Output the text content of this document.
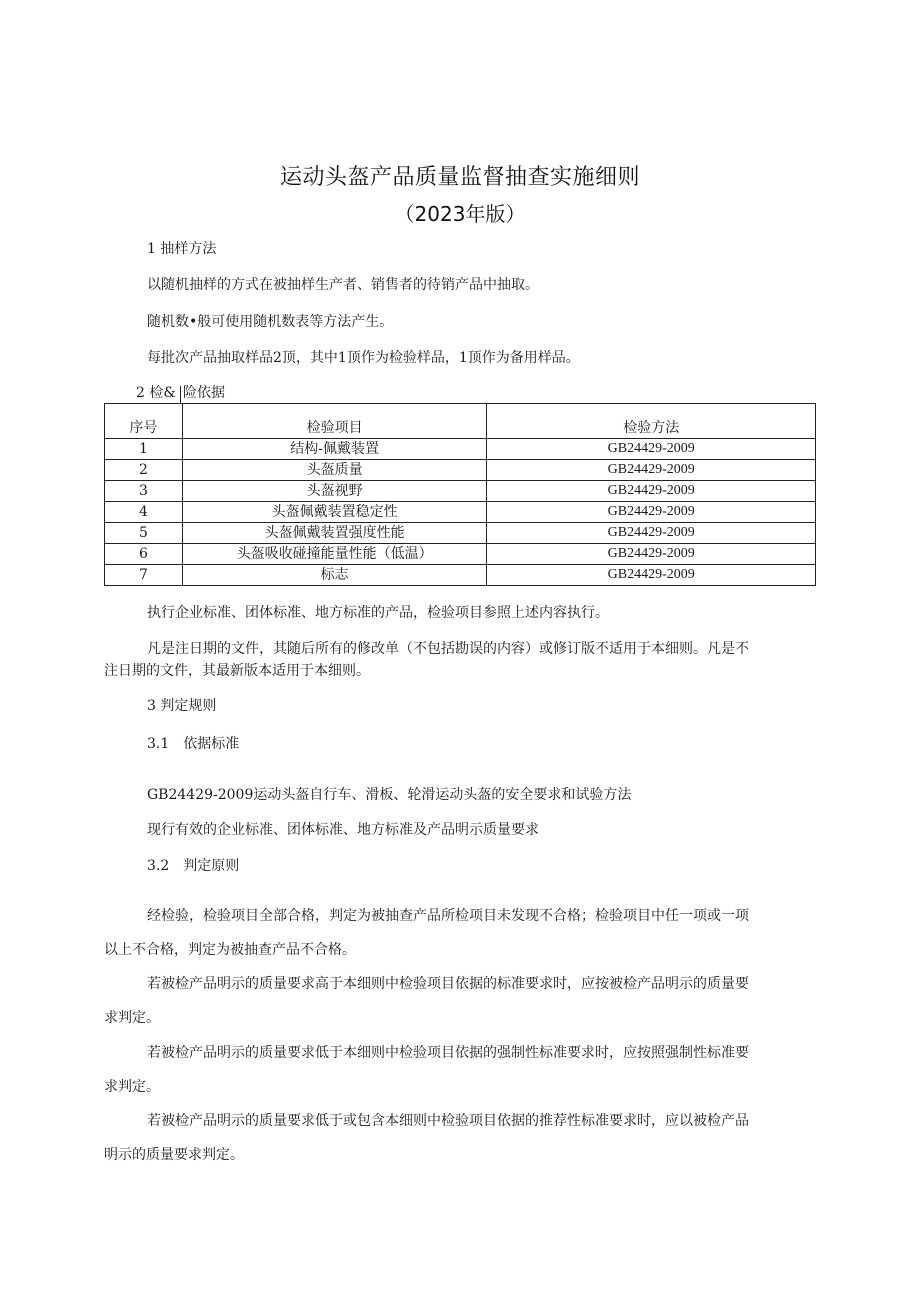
运动头盔产品质量监督抽查实施细则
（2023年版）
1 抽样方法
以随机抽样的方式在被抽样生产者、销售者的待销产品中抽取。
随机数•般可使用随机数表等方法产生。
每批次产品抽取样品2顶，其中1顶作为检验样品，1顶作为备用样品。
2 检& 险依据
序号	检验项目	检验方法
1	结构-佩戴装置	GB24429-2009
2	头盔质量	GB24429-2009
3	头盔视野	GB24429-2009
4	头盔佩戴装置稳定性	GB24429-2009
5	头盔佩戴装置强度性能	GB24429-2009
6	头盔吸收碰撞能量性能（低温）	GB24429-2009
7	标志	GB24429-2009
执行企业标准、团体标准、地方标准的产品，检验项目参照上述内容执行。
凡是注日期的文件，其随后所有的修改单（不包括勘误的内容）或修订版不适用于本细则。凡是不
注日期的文件，其最新版本适用于本细则。
3 判定规则
3.1　依据标准
GB24429-2009运动头盔自行车、滑板、轮滑运动头盔的安全要求和试验方法
现行有效的企业标准、团体标准、地方标准及产品明示质量要求
3.2　判定原则
经检验，检验项目全部合格，判定为被抽查产品所检项目未发现不合格；检验项目中任一项或一项
以上不合格，判定为被抽查产品不合格。
若被检产品明示的质量要求高于本细则中检验项目依据的标准要求时，应按被检产品明示的质量要
求判定。
若被检产品明示的质量要求低于本细则中检验项目依据的强制性标准要求时，应按照强制性标准要
求判定。
若被检产品明示的质量要求低于或包含本细则中检验项目依据的推荐性标准要求时，应以被检产品
明示的质量要求判定。
